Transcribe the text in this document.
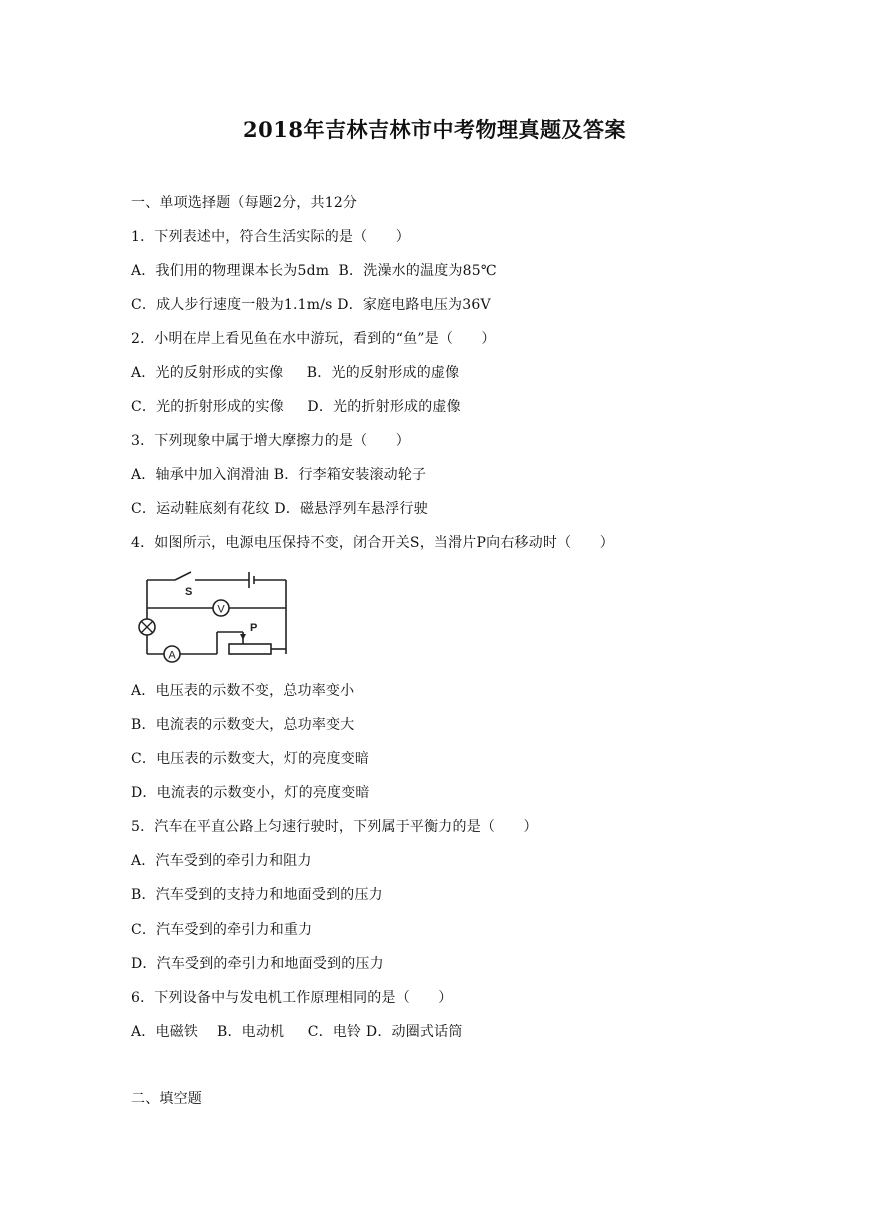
2018年吉林吉林市中考物理真题及答案
一、单项选择题（每题2分，共12分
1．下列表述中，符合生活实际的是（　　）
A．我们用的物理课本长为5dm  B．洗澡水的温度为85℃
C．成人步行速度一般为1.1m/s D．家庭电路电压为36V
2．小明在岸上看见鱼在水中游玩，看到的“鱼”是（　　）
A．光的反射形成的实像　  B．光的反射形成的虚像
C．光的折射形成的实像　  D．光的折射形成的虚像
3．下列现象中属于增大摩擦力的是（　　）
A．轴承中加入润滑油 B．行李箱安装滚动轮子
C．运动鞋底刻有花纹 D．磁悬浮列车悬浮行驶
4．如图所示，电源电压保持不变，闭合开关S，当滑片P向右移动时（　　）
V
A
P
S
A．电压表的示数不变，总功率变小
B．电流表的示数变大，总功率变大
C．电压表的示数变大，灯的亮度变暗
D．电流表的示数变小，灯的亮度变暗
5．汽车在平直公路上匀速行驶时，下列属于平衡力的是（　　）
A．汽车受到的牵引力和阻力
B．汽车受到的支持力和地面受到的压力
C．汽车受到的牵引力和重力
D．汽车受到的牵引力和地面受到的压力
6．下列设备中与发电机工作原理相同的是（　　）
A．电磁铁　 B．电动机　  C．电铃 D．动圈式话筒
二、填空题
